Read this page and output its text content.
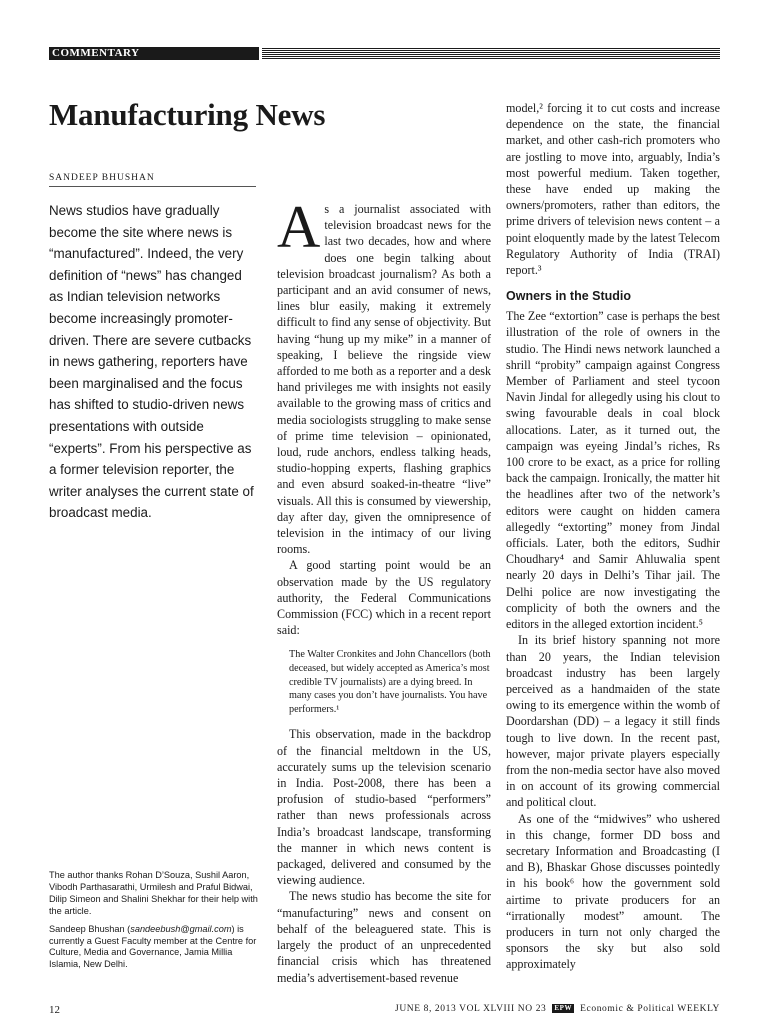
COMMENTARY
Manufacturing News
SANDEEP BHUSHAN

News studios have gradually become the site where news is “manufactured”. Indeed, the very definition of “news” has changed as Indian television networks become increasingly promoter-driven. There are severe cutbacks in news gathering, reporters have been marginalised and the focus has shifted to studio-driven news presentations with outside “experts”. From his perspective as a former television reporter, the writer analyses the current state of broadcast media.

The author thanks Rohan D’Souza, Sushil Aaron, Vibodh Parthasarathi, Urmilesh and Praful Bidwai, Dilip Simeon and Shalini Shekhar for their help with the article.

Sandeep Bhushan (sandeebush@gmail.com) is currently a Guest Faculty member at the Centre for Culture, Media and Governance, Jamia Millia Islamia, New Delhi.

As a journalist associated with television broadcast news for the last two decades, how and where does one begin talking about television broadcast journalism? As both a participant and an avid consumer of news, lines blur easily, making it extremely difficult to find any sense of objectivity. But having “hung up my mike” in a manner of speaking, I believe the ringside view afforded to me both as a reporter and a desk hand privileges me with insights not easily available to the growing mass of critics and media sociologists struggling to make sense of prime time television – opinionated, loud, rude anchors, endless talking heads, studio-hopping experts, flashing graphics and even absurd soaked-in-theatre “live” visuals. All this is consumed by viewership, day after day, given the omnipresence of television in the intimacy of our living rooms.

A good starting point would be an observation made by the US regulatory authority, the Federal Communications Commission (FCC) which in a recent report said:

The Walter Cronkites and John Chancellors (both deceased, but widely accepted as America’s most credible TV journalists) are a dying breed. In many cases you don’t have journalists. You have performers.¹

This observation, made in the backdrop of the financial meltdown in the US, accurately sums up the television scenario in India. Post-2008, there has been a profusion of studio-based “performers” rather than news professionals across India’s broadcast landscape, transforming the manner in which news content is packaged, delivered and consumed by the viewing audience.

The news studio has become the site for “manufacturing” news and consent on behalf of the beleaguered state. This is largely the product of an unprecedented financial crisis which has threatened media’s advertisement-based revenue

model,² forcing it to cut costs and increase dependence on the state, the financial market, and other cash-rich promoters who are jostling to move into, arguably, India’s most powerful medium. Taken together, these have ended up making the owners/promoters, rather than editors, the prime drivers of television news content – a point eloquently made by the latest Telecom Regulatory Authority of India (TRAI) report.³

Owners in the Studio

The Zee “extortion” case is perhaps the best illustration of the role of owners in the studio. The Hindi news network launched a shrill “probity” campaign against Congress Member of Parliament and steel tycoon Navin Jindal for allegedly using his clout to swing favourable deals in coal block allocations. Later, as it turned out, the campaign was eyeing Jindal’s riches, Rs 100 crore to be exact, as a price for rolling back the campaign. Ironically, the matter hit the headlines after two of the network’s editors were caught on hidden camera allegedly “extorting” money from Jindal officials. Later, both the editors, Sudhir Choudhary⁴ and Samir Ahluwalia spent nearly 20 days in Delhi’s Tihar jail. The Delhi police are now investigating the complicity of both the owners and the editors in the alleged extortion incident.⁵

In its brief history spanning not more than 20 years, the Indian television broadcast industry has been largely perceived as a handmaiden of the state owing to its emergence within the womb of Doordarshan (DD) – a legacy it still finds tough to live down. In the recent past, however, major private players especially from the non-media sector have also moved in on account of its growing commercial and political clout.

As one of the “midwives” who ushered in this change, former DD boss and secretary Information and Broadcasting (I and B), Bhaskar Ghose discusses pointedly in his book⁶ how the government sold airtime to private producers for an “irrationally modest” amount. The producers in turn not only charged the sponsors the sky but also sold approximately

12	JUNE 8, 2013 VOL XLVIII NO 23 EPW Economic & Political WEEKLY
